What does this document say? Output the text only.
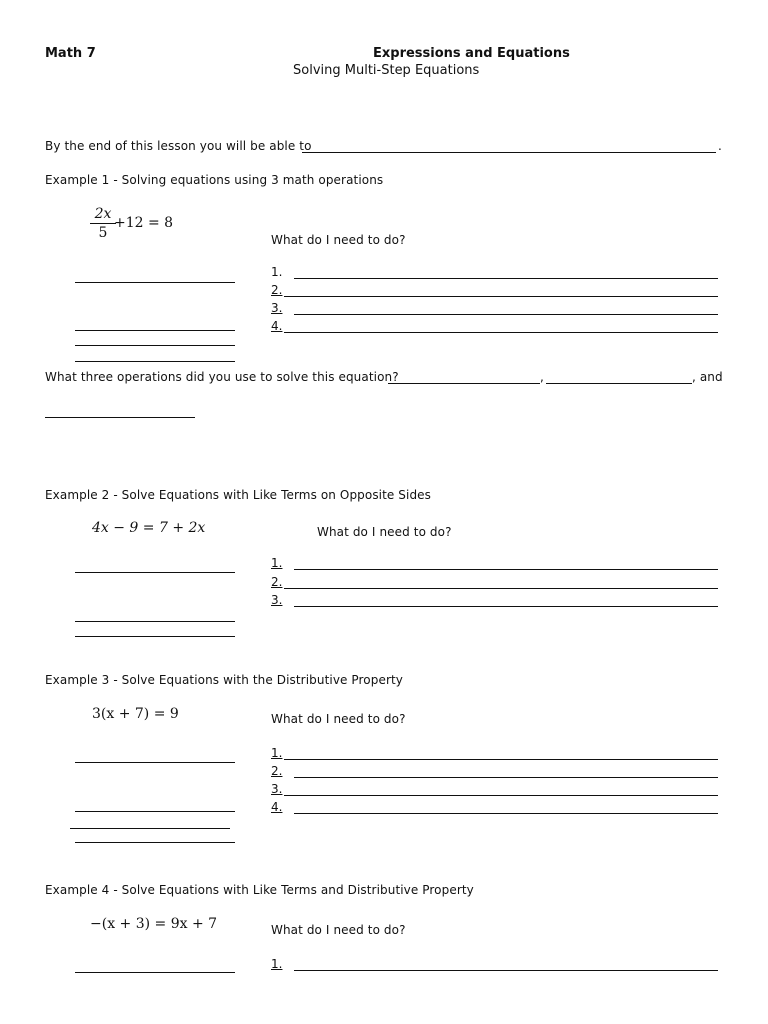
Math 7	Expressions and Equations
Solving Multi-Step Equations
By the end of this lesson you will be able to	.
Example 1 - Solving equations using 3 math operations
2x
5
+12 = 8
What do I need to do?
1.
2.
3.
4.
What three operations did you use to solve this equation?	,	, and
Example 2 - Solve Equations with Like Terms on Opposite Sides
4x − 9 = 7 + 2x	What do I need to do?
1.
2.
3.
Example 3 - Solve Equations with the Distributive Property
3(x + 7) = 9	What do I need to do?
1.
2.
3.
4.
Example 4 - Solve Equations with Like Terms and Distributive Property
−(x + 3) = 9x + 7	What do I need to do?
1.
